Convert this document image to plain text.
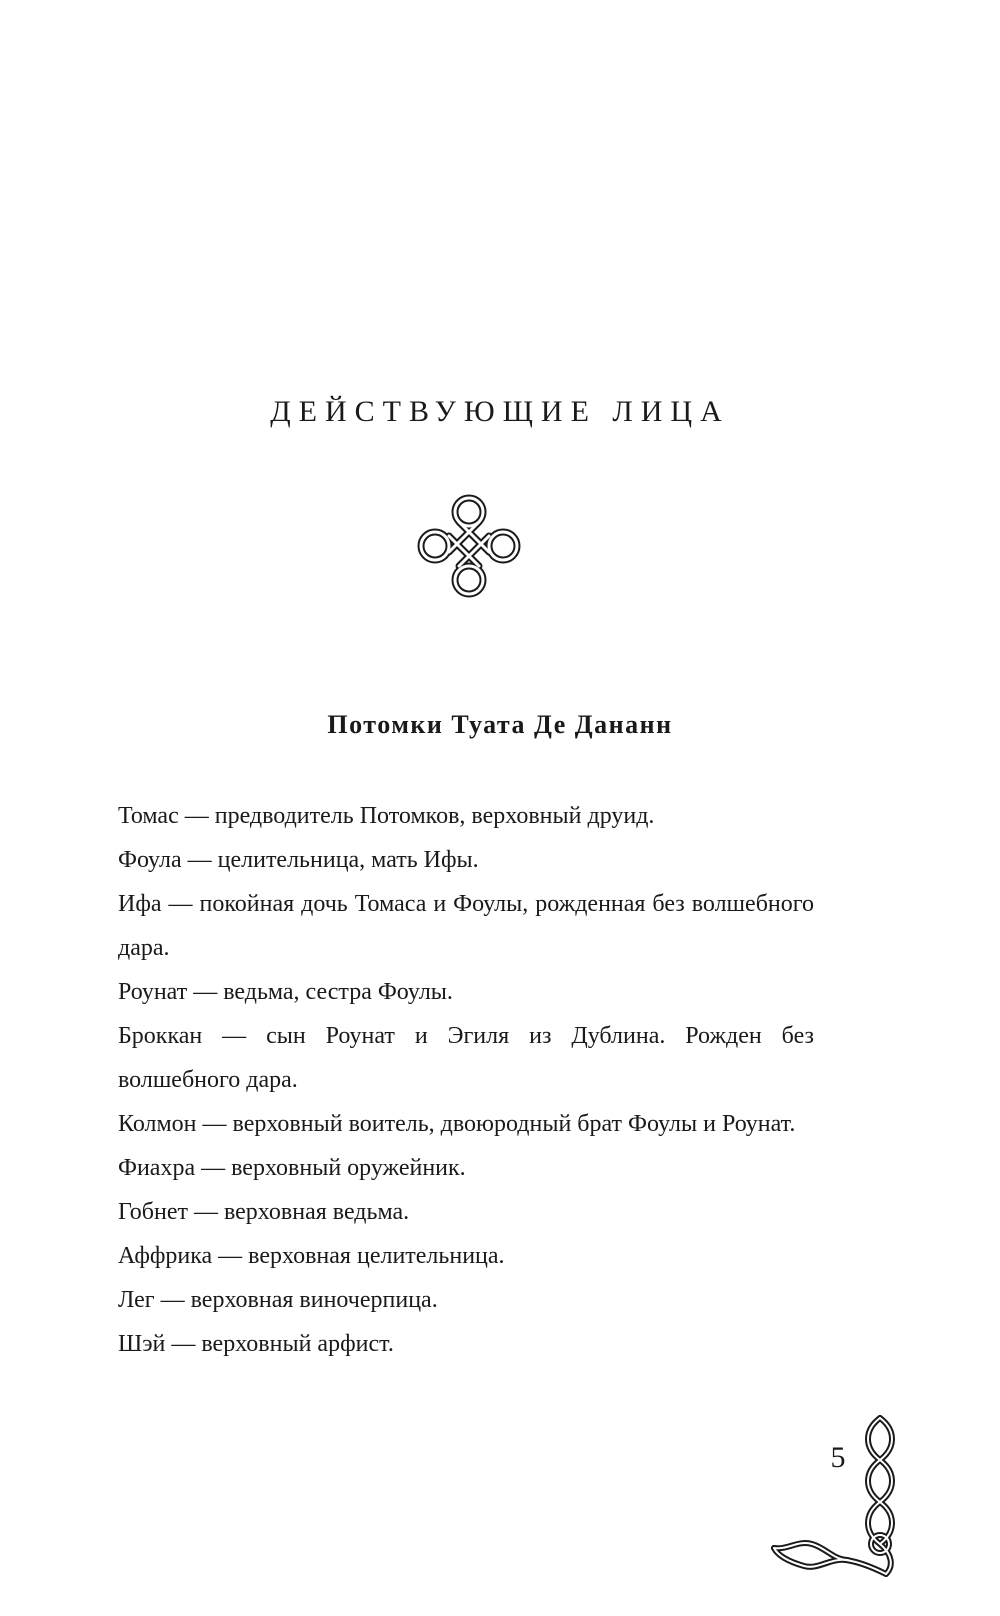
ДЕЙСТВУЮЩИЕ ЛИЦА
Потомки Туата Де Дананн
Томас — предводитель Потомков, верховный друид.
Фоула — целительница, мать Ифы.
Ифа — покойная дочь Томаса и Фоулы, рожденная без волшебного дара.
Роунат — ведьма, сестра Фоулы.
Броккан — сын Роунат и Эгиля из Дублина. Рожден без волшебного дара.
Колмон — верховный воитель, двоюродный брат Фоулы и Роунат.
Фиахра — верховный оружейник.
Гобнет — верховная ведьма.
Аффрика — верховная целительница.
Лег — верховная виночерпица.
Шэй — верховный арфист.
5
